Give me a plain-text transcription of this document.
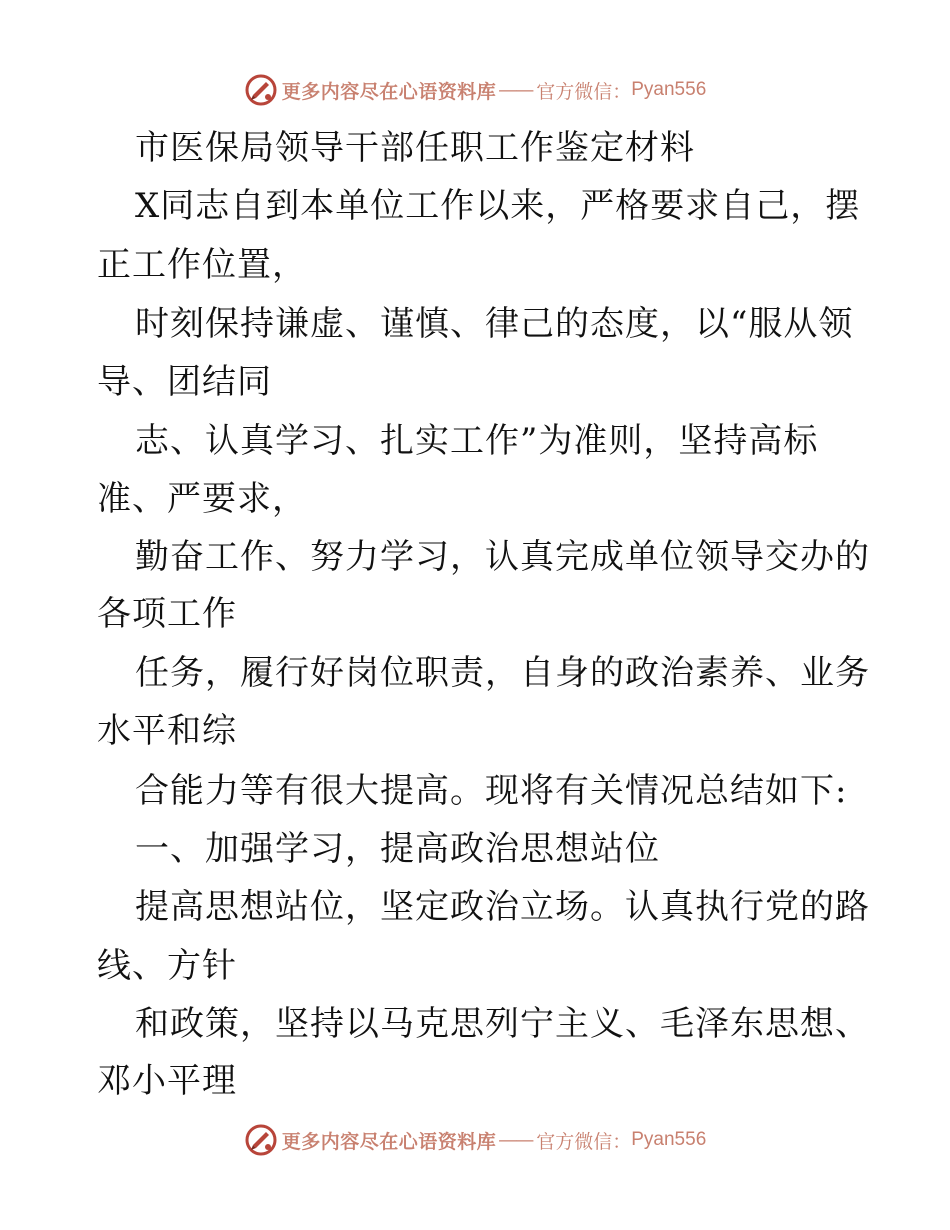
更多内容尽在心语资料库 —— 官方微信： Pyan556
市医保局领导干部任职工作鉴定材料
X同志自到本单位工作以来，严格要求自己，摆
正工作位置，
时刻保持谦虚、谨慎、律己的态度，以“服从领
导、团结同
志、认真学习、扎实工作”为准则，坚持高标
准、严要求，
勤奋工作、努力学习，认真完成单位领导交办的
各项工作
任务，履行好岗位职责，自身的政治素养、业务
水平和综
合能力等有很大提高。现将有关情况总结如下:
一、加强学习，提高政治思想站位
提高思想站位，坚定政治立场。认真执行党的路
线、方针
和政策，坚持以马克思列宁主义、毛泽东思想、
邓小平理
更多内容尽在心语资料库 —— 官方微信： Pyan556
